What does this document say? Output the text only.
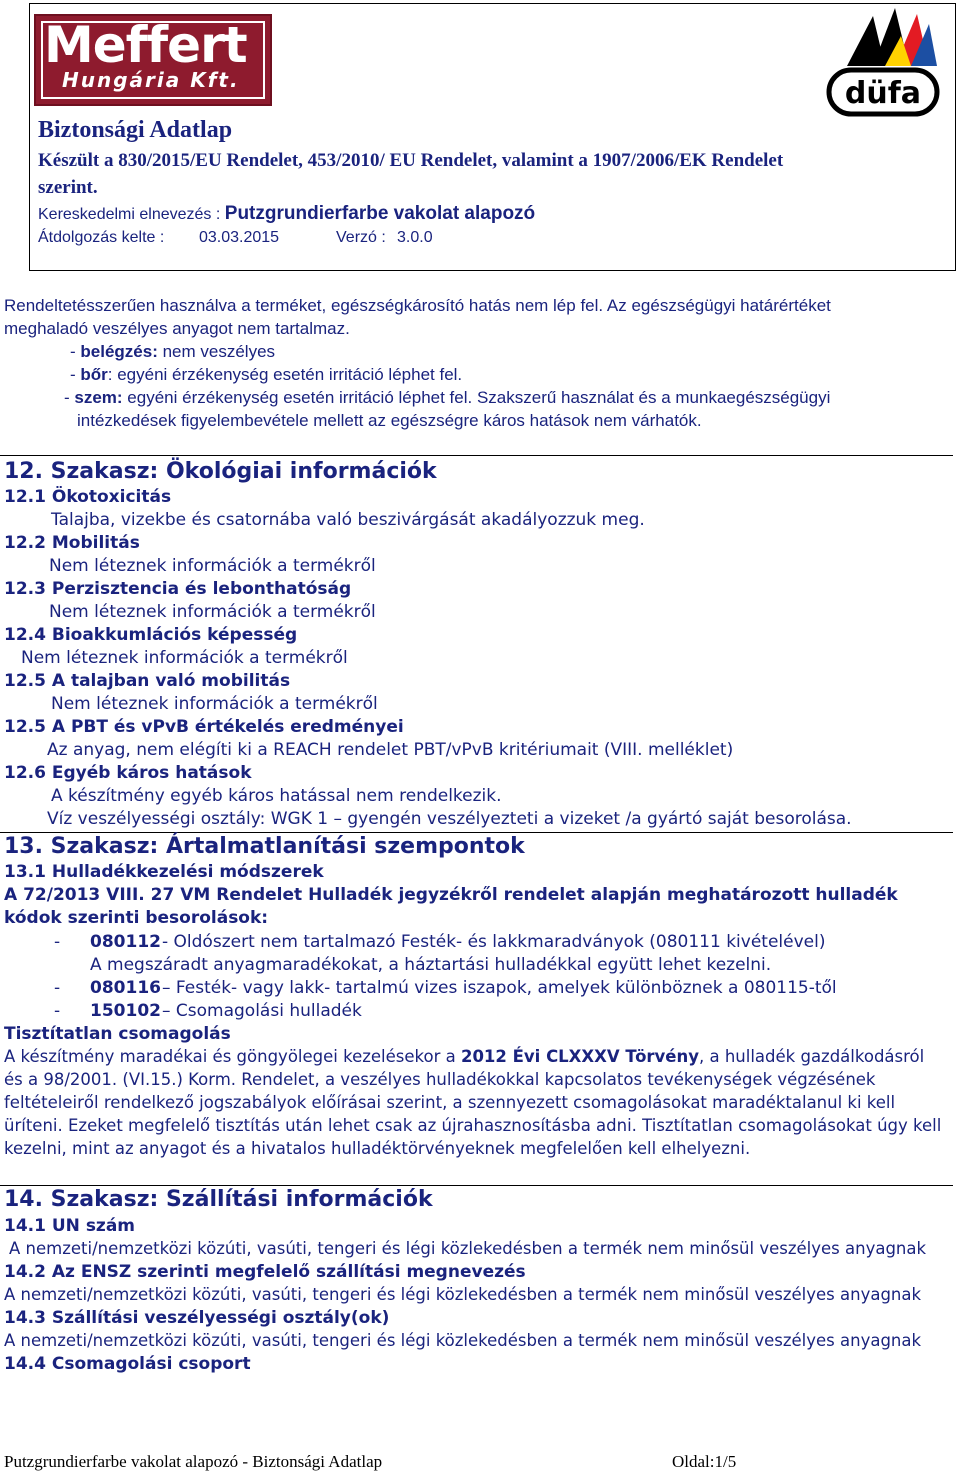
Meffert
Hungária Kft.	düfa
Biztonsági Adatlap
Készült a 830/2015/EU Rendelet, 453/2010/ EU Rendelet, valamint a 1907/2006/EK Rendelet
szerint.
Kereskedelmi elnevezés : Putzgrundierfarbe vakolat alapozó
Átdolgozás kelte : 03.03.2015	Verzó : 3.0.0
Rendeltetésszerűen használva a terméket, egészségkárosító hatás nem lép fel. Az egészségügyi határértéket
meghaladó veszélyes anyagot nem tartalmaz.
- belégzés: nem veszélyes
- bőr: egyéni érzékenység esetén irritáció léphet fel.
- szem: egyéni érzékenység esetén irritáció léphet fel. Szakszerű használat és a munkaegészségügyi
intézkedések figyelembevétele mellett az egészségre káros hatások nem várhatók.
12. Szakasz: Ökológiai információk
12.1 Ökotoxicitás
Talajba, vizekbe és csatornába való beszivárgását akadályozzuk meg.
12.2 Mobilitás
Nem léteznek információk a termékről
12.3 Perzisztencia és lebonthatóság
Nem léteznek információk a termékről
12.4 Bioakkumlációs képesség
Nem léteznek információk a termékről
12.5 A talajban való mobilitás
Nem léteznek információk a termékről
12.5 A PBT és vPvB értékelés eredményei
Az anyag, nem elégíti ki a REACH rendelet PBT/vPvB kritériumait (VIII. melléklet)
12.6 Egyéb káros hatások
A készítmény egyéb káros hatással nem rendelkezik.
Víz veszélyességi osztály: WGK 1 – gyengén veszélyezteti a vizeket /a gyártó saját besorolása.
13. Szakasz: Ártalmatlanítási szempontok
13.1 Hulladékkezelési módszerek
A 72/2013 VIII. 27 VM Rendelet Hulladék jegyzékről rendelet alapján meghatározott hulladék
kódok szerinti besorolások:
- 080112 - Oldószert nem tartalmazó Festék- és lakkmaradványok (080111 kivételével)
A megszáradt anyagmaradékokat, a háztartási hulladékkal együtt lehet kezelni.
- 080116 – Festék- vagy lakk- tartalmú vizes iszapok, amelyek különböznek a 080115-től
- 150102 – Csomagolási hulladék
Tisztítatlan csomagolás
A készítmény maradékai és göngyölegei kezelésekor a 2012 Évi CLXXXV Törvény, a hulladék gazdálkodásról
és a 98/2001. (VI.15.) Korm. Rendelet, a veszélyes hulladékokkal kapcsolatos tevékenységek végzésének
feltételeiről rendelkező jogszabályok előírásai szerint, a szennyezett csomagolásokat maradéktalanul ki kell
üríteni. Ezeket megfelelő tisztítás után lehet csak az újrahasznosításba adni. Tisztítatlan csomagolásokat úgy kell
kezelni, mint az anyagot és a hivatalos hulladéktörvényeknek megfelelően kell elhelyezni.
14. Szakasz: Szállítási információk
14.1 UN szám
A nemzeti/nemzetközi közúti, vasúti, tengeri és légi közlekedésben a termék nem minősül veszélyes anyagnak
14.2 Az ENSZ szerinti megfelelő szállítási megnevezés
A nemzeti/nemzetközi közúti, vasúti, tengeri és légi közlekedésben a termék nem minősül veszélyes anyagnak
14.3 Szállítási veszélyességi osztály(ok)
A nemzeti/nemzetközi közúti, vasúti, tengeri és légi közlekedésben a termék nem minősül veszélyes anyagnak
14.4 Csomagolási csoport
Putzgrundierfarbe vakolat alapozó - Biztonsági Adatlap	Oldal:1/5
